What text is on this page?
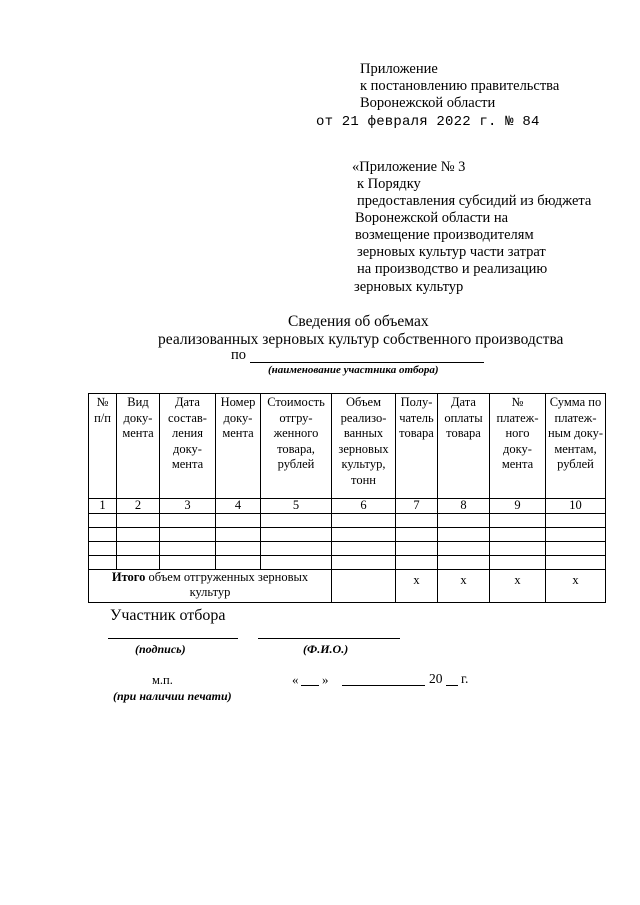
Приложение
к постановлению правительства
Воронежской области
от 21 февраля 2022 г. № 84
«Приложение № 3
к Порядку
предоставления субсидий из бюджета
Воронежской области на
возмещение производителям
зерновых культур части затрат
на производство и реализацию
зерновых культур
Сведения об объемах
реализованных зерновых культур собственного производства
по
(наименование участника отбора)
№ п/п	Вид доку- мента	Дата состав- ления доку- мента	Номер доку- мента	Стоимость отгру- женного товара, рублей	Объем реализо- ванных зерновых культур, тонн	Полу- чатель товара	Дата оплаты товара	№ платеж- ного доку- мента	Сумма по платеж- ным доку- ментам, рублей
1	2	3	4	5	6	7	8	9	10

Итого объем отгруженных зерновых культур						x	x	x	x
Участник отбора
(подпись)	(Ф.И.О.)
м.п.
(при наличии печати)
« »	20 г.
